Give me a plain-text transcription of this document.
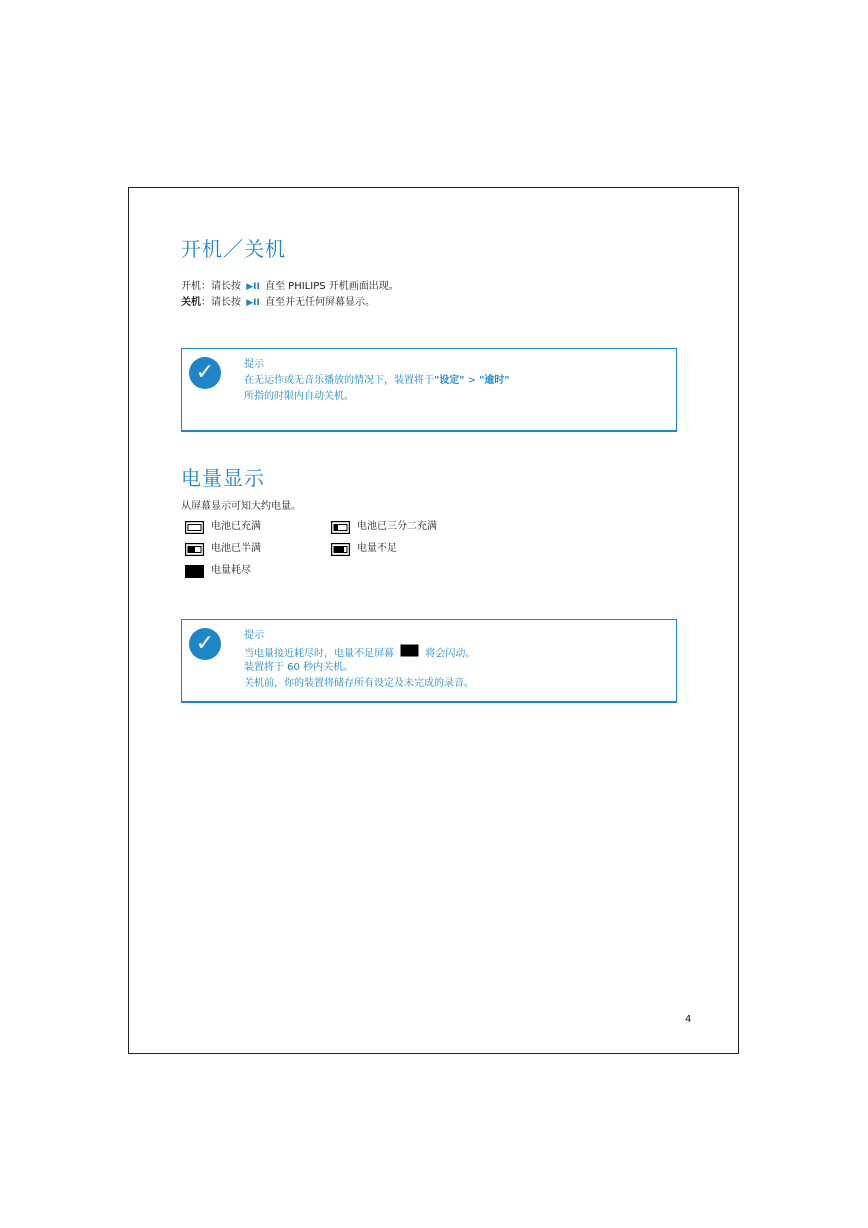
开机／关机
开机：请长按 ▶II 直至 PHILIPS 开机画面出现。
关机：请长按 ▶II 直至并无任何屏幕显示。
✓	提示
在无运作或无音乐播放的情况下，装置将于"设定" > "逾时"
所指的时限内自动关机。
电量显示
从屏幕显示可知大约电量。
电池已充满	电池已三分二充满
电池已半满	电量不足
电量耗尽
✓	提示
当电量接近耗尽时，电量不足屏幕	将会闪动。
装置将于 60 秒内关机。
关机前，你的装置将储存所有设定及未完成的录音。
4
